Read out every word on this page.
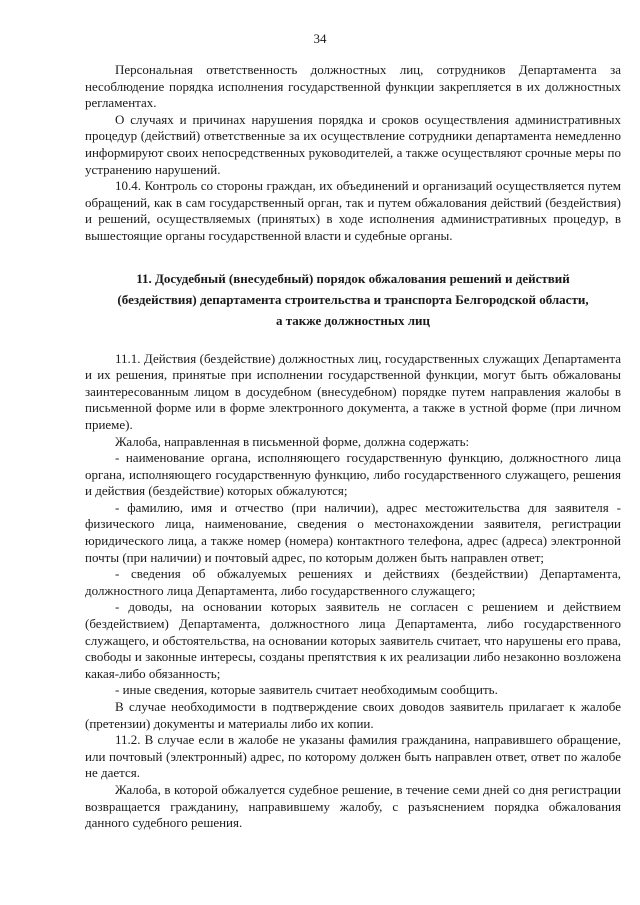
34

Персональная ответственность должностных лиц, сотрудников Департамента за несоблюдение порядка исполнения государственной функции закрепляется в их должностных регламентах.

О случаях и причинах нарушения порядка и сроков осуществления административных процедур (действий) ответственные за их осуществление сотрудники департамента немедленно информируют своих непосредственных руководителей, а также осуществляют срочные меры по устранению нарушений.

10.4. Контроль со стороны граждан, их объединений и организаций осуществляется путем обращений, как в сам государственный орган, так и путем обжалования действий (бездействия) и решений, осуществляемых (принятых) в ходе исполнения административных процедур, в вышестоящие органы государственной власти и судебные органы.

11. Досудебный (внесудебный) порядок обжалования решений и действий

(бездействия) департамента строительства и транспорта Белгородской области,

а также должностных лиц

11.1. Действия (бездействие) должностных лиц, государственных служащих Департамента и их решения, принятые при исполнении государственной функции, могут быть обжалованы заинтересованным лицом в досудебном (внесудебном) порядке путем направления жалобы в письменной форме или в форме электронного документа, а также в устной форме (при личном приеме).

Жалоба, направленная в письменной форме, должна содержать:

- наименование органа, исполняющего государственную функцию, должностного лица органа, исполняющего государственную функцию, либо государственного служащего, решения и действия (бездействие) которых обжалуются;

- фамилию, имя и отчество (при наличии), адрес местожительства для заявителя - физического лица, наименование, сведения о местонахождении заявителя, регистрации юридического лица, а также номер (номера) контактного телефона, адрес (адреса) электронной почты (при наличии) и почтовый адрес, по которым должен быть направлен ответ;

- сведения об обжалуемых решениях и действиях (бездействии) Департамента, должностного лица Департамента, либо государственного служащего;

- доводы, на основании которых заявитель не согласен с решением и действием (бездействием) Департамента, должностного лица Департамента, либо государственного служащего, и обстоятельства, на основании которых заявитель считает, что нарушены его права, свободы и законные интересы, созданы препятствия к их реализации либо незаконно возложена какая-либо обязанность;

- иные сведения, которые заявитель считает необходимым сообщить.

В случае необходимости в подтверждение своих доводов заявитель прилагает к жалобе (претензии) документы и материалы либо их копии.

11.2. В случае если в жалобе не указаны фамилия гражданина, направившего обращение, или почтовый (электронный) адрес, по которому должен быть направлен ответ, ответ по жалобе не дается.

Жалоба, в которой обжалуется судебное решение, в течение семи дней со дня регистрации возвращается гражданину, направившему жалобу, с разъяснением порядка обжалования данного судебного решения.
